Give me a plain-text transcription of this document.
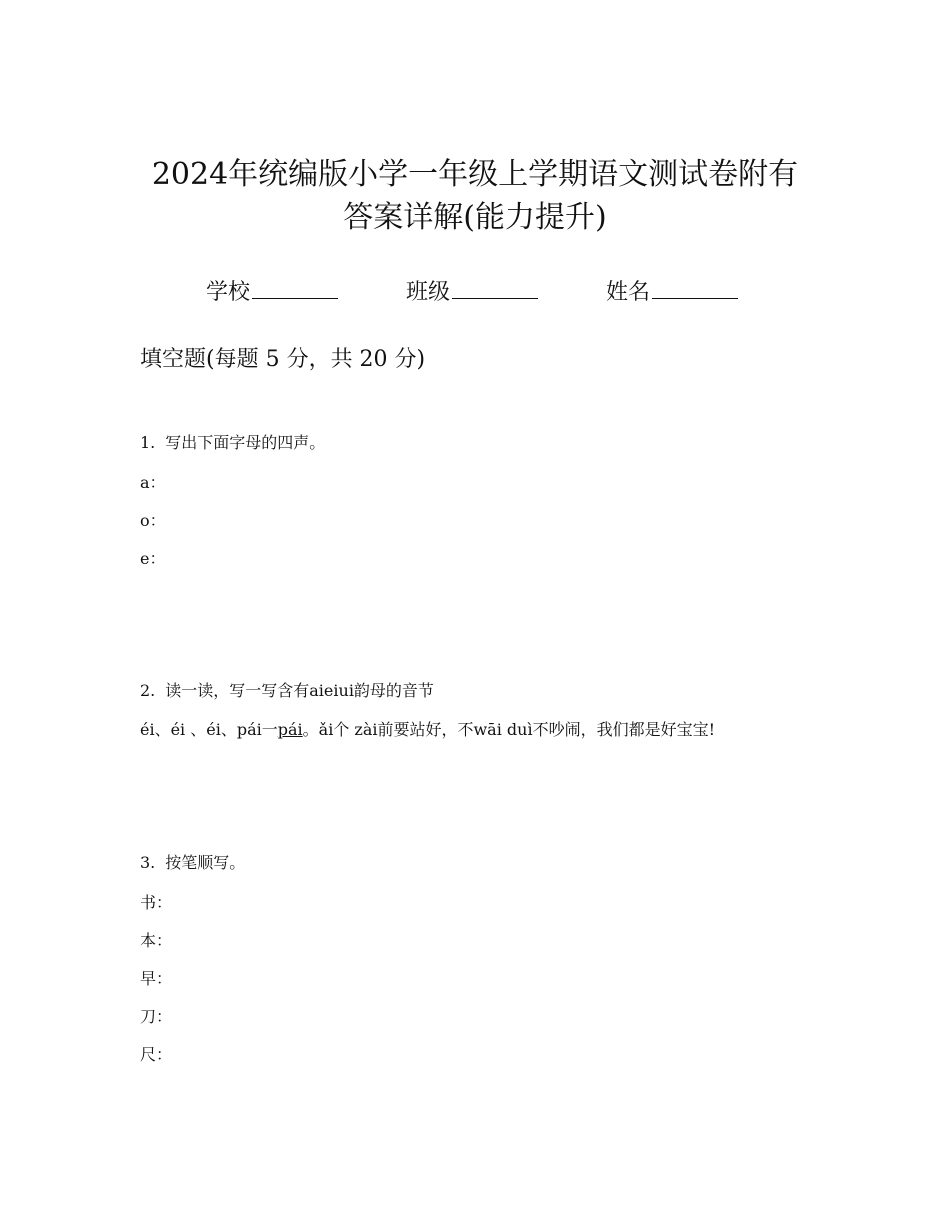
2024年统编版小学一年级上学期语文测试卷附有
答案详解(能力提升)
学校	班级	姓名
填空题(每题 5 分，共 20 分)
1. 写出下面字母的四声。
a：
o：
e：
2. 读一读，写一写含有aieiui韵母的音节
éi、éi 、éi、pái一pái。ǎi个 zài前要站好，不wāi duì不吵闹，我们都是好宝宝!
3. 按笔顺写。
书：
本：
早：
刀：
尺：
